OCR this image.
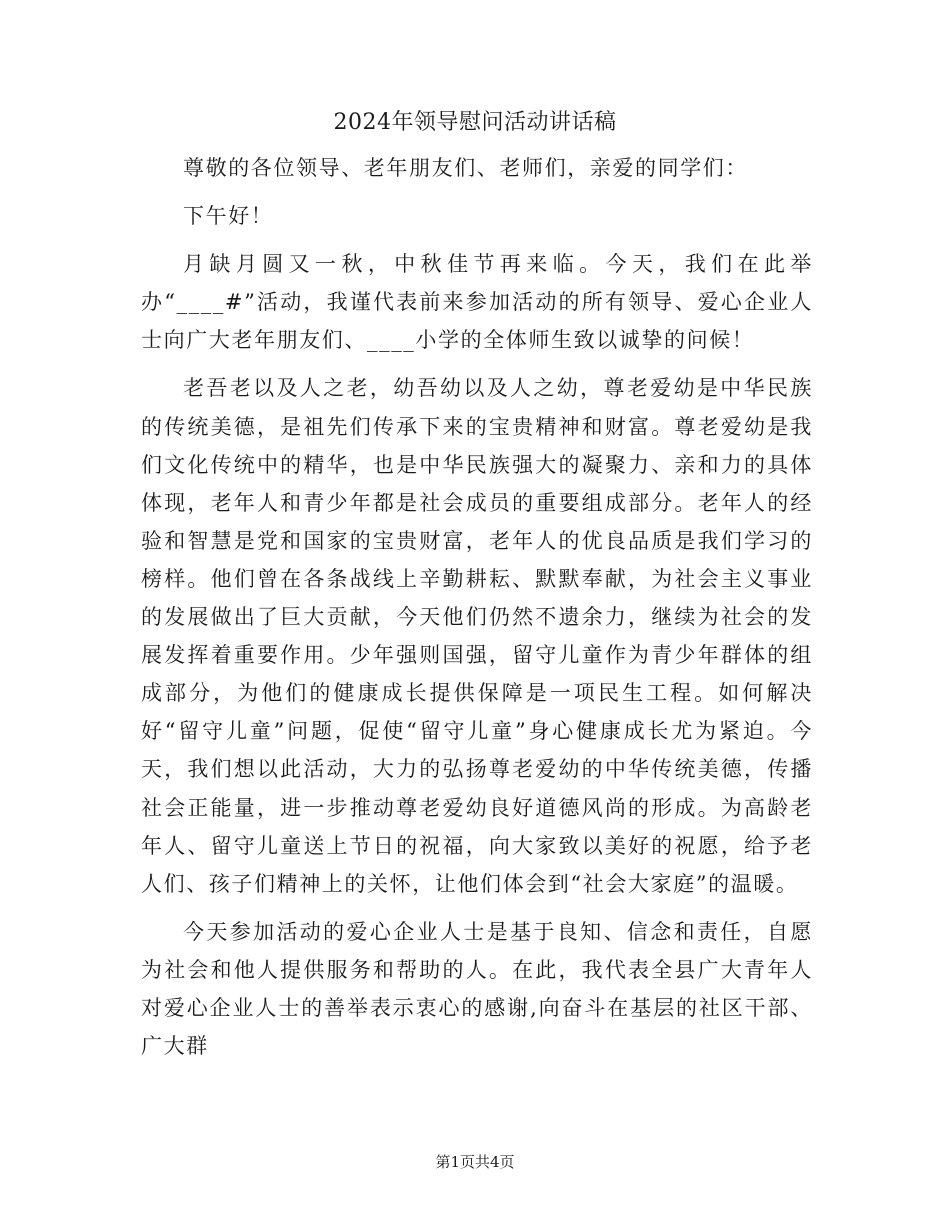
2024年领导慰问活动讲话稿

尊敬的各位领导、老年朋友们、老师们，亲爱的同学们：

下午好！

月缺月圆又一秋，中秋佳节再来临。今天，我们在此举办“____#”活动，我谨代表前来参加活动的所有领导、爱心企业人士向广大老年朋友们、____小学的全体师生致以诚挚的问候！

老吾老以及人之老，幼吾幼以及人之幼，尊老爱幼是中华民族的传统美德，是祖先们传承下来的宝贵精神和财富。尊老爱幼是我们文化传统中的精华，也是中华民族强大的凝聚力、亲和力的具体体现，老年人和青少年都是社会成员的重要组成部分。老年人的经验和智慧是党和国家的宝贵财富，老年人的优良品质是我们学习的榜样。他们曾在各条战线上辛勤耕耘、默默奉献，为社会主义事业的发展做出了巨大贡献，今天他们仍然不遗余力，继续为社会的发展发挥着重要作用。少年强则国强，留守儿童作为青少年群体的组成部分，为他们的健康成长提供保障是一项民生工程。如何解决好“留守儿童”问题，促使“留守儿童”身心健康成长尤为紧迫。今天，我们想以此活动，大力的弘扬尊老爱幼的中华传统美德，传播社会正能量，进一步推动尊老爱幼良好道德风尚的形成。为高龄老年人、留守儿童送上节日的祝福，向大家致以美好的祝愿，给予老人们、孩子们精神上的关怀，让他们体会到“社会大家庭”的温暖。

今天参加活动的爱心企业人士是基于良知、信念和责任，自愿为社会和他人提供服务和帮助的人。在此，我代表全县广大青年人对爱心企业人士的善举表示衷心的感谢,向奋斗在基层的社区干部、广大群

第1页共4页
